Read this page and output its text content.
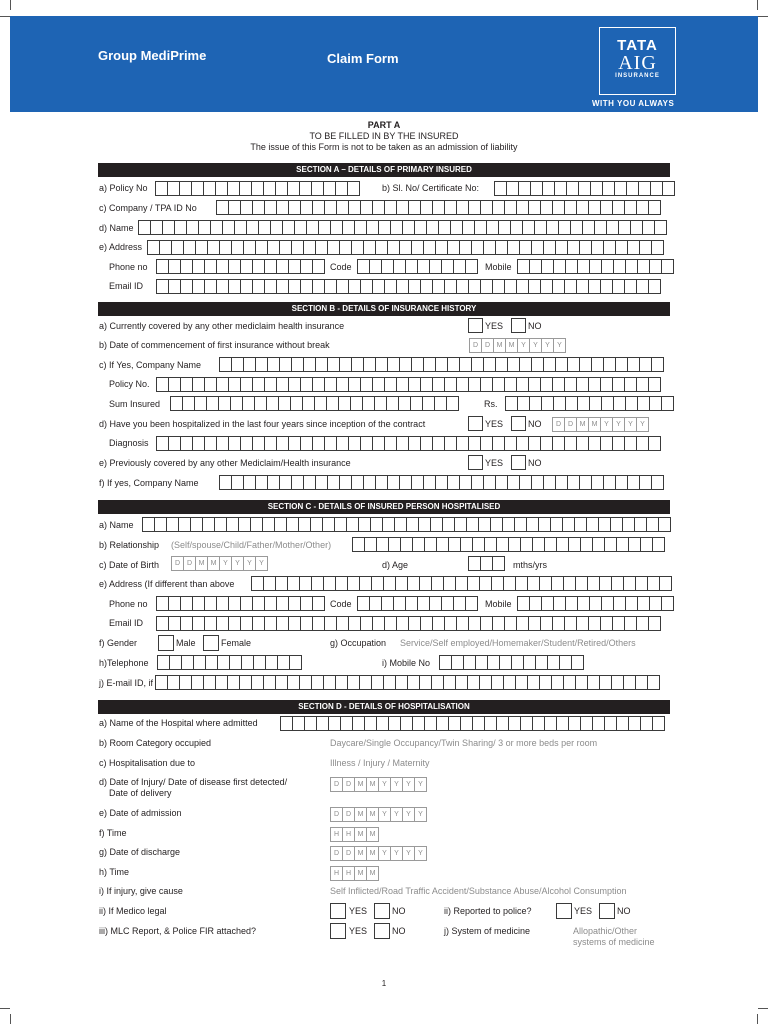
Group MediPrime	Claim Form
TATA
AIG
INSURANCE
WITH YOU ALWAYS
PART A
TO BE FILLED IN BY THE INSURED
The issue of this Form is not to be taken as an admission of liability
SECTION A – DETAILS OF PRIMARY INSURED
a) Policy No	b) Sl. No/ Certificate No:
c) Company / TPA ID No
d) Name
e) Address
Phone no	Code	Mobile
Email ID
SECTION B - DETAILS OF INSURANCE HISTORY
a) Currently covered by any other mediclaim health insurance	YES	NO
b) Date of commencement of first insurance without break	D D M M Y	Y	Y	Y
c) If Yes, Company Name
Policy No.
Sum Insured	Rs.
d) Have you been hospitalized in the last four years since inception of the contract	YES	NO	D D M M Y	Y	Y	Y
Diagnosis
e) Previously covered by any other Mediclaim/Health insurance	YES	NO
f) If yes, Company Name
SECTION C - DETAILS OF INSURED PERSON HOSPITALISED
a) Name
b) Relationship (Self/spouse/Child/Father/Mother/Other)
c) Date of Birth	D D M M Y	Y	Y	Y	d) Age	mths/yrs
e) Address (If different than above
Phone no	Code	Mobile
Email ID
f) Gender	Male	Female	g) Occupation Service/Self employed/Homemaker/Student/Retired/Others
h)Telephone	i) Mobile No
j) E-mail ID, if
SECTION D - DETAILS OF HOSPITALISATION
a) Name of the Hospital where admitted
b) Room Category occupied	Daycare/Single Occupancy/Twin Sharing/ 3 or more beds per room
c) Hospitalisation due to	Illness / Injury / Maternity
d) Date of Injury/ Date of disease first detected/
Date of delivery
D D M M Y	Y	Y	Y
e) Date of admission	D D M M Y	Y	Y	Y
f) Time	H H M M
g) Date of discharge	D D M M Y	Y	Y	Y
h) Time	H H M M
i) If injury, give cause	Self Inflicted/Road Traffic Accident/Substance Abuse/Alcohol Consumption
ii) If Medico legal	YES	NO	ii) Reported to police?	YES	NO
iii) MLC Report, & Police FIR attached?	YES	NO	j) System of medicine	Allopathic/Other
systems of medicine
1
